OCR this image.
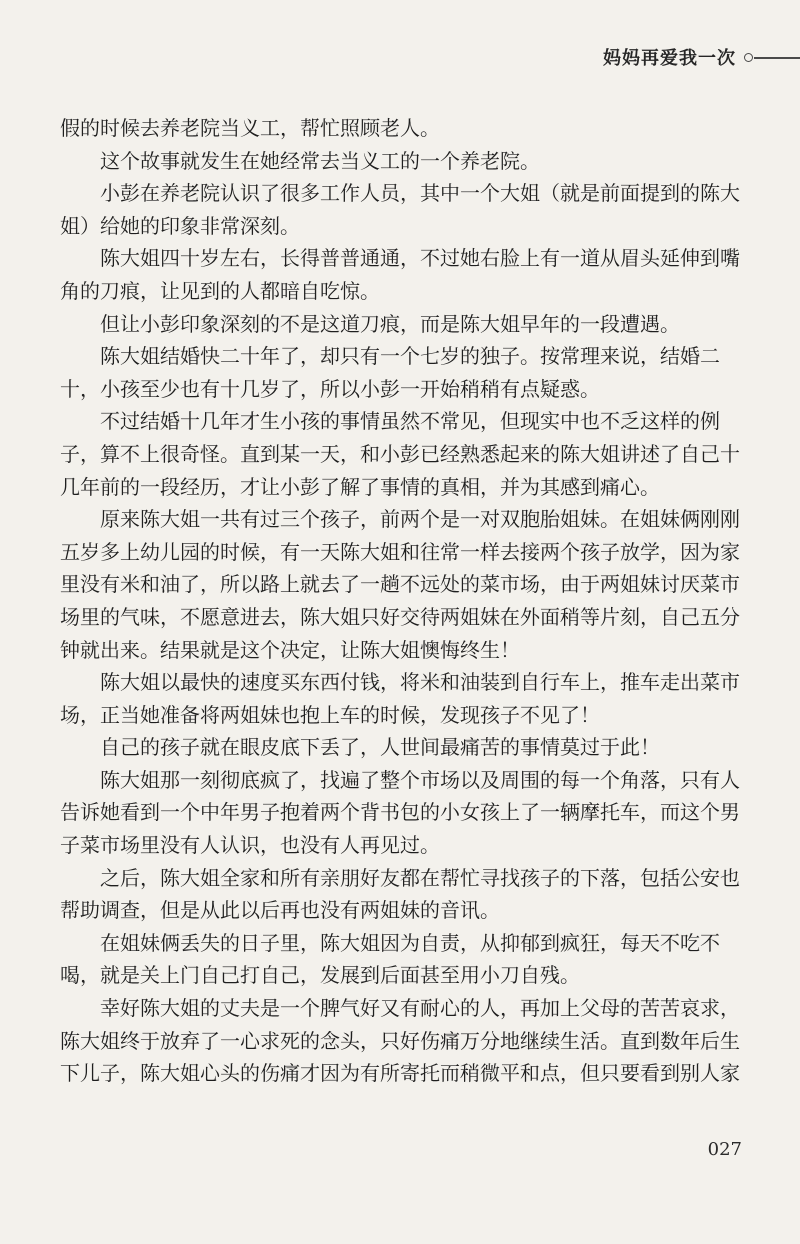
妈妈再爱我一次

假的时候去养老院当义工，帮忙照顾老人。

这个故事就发生在她经常去当义工的一个养老院。

小彭在养老院认识了很多工作人员，其中一个大姐（就是前面提到的陈大姐）给她的印象非常深刻。

陈大姐四十岁左右，长得普普通通，不过她右脸上有一道从眉头延伸到嘴角的刀痕，让见到的人都暗自吃惊。

但让小彭印象深刻的不是这道刀痕，而是陈大姐早年的一段遭遇。

陈大姐结婚快二十年了，却只有一个七岁的独子。按常理来说，结婚二十，小孩至少也有十几岁了，所以小彭一开始稍稍有点疑惑。

不过结婚十几年才生小孩的事情虽然不常见，但现实中也不乏这样的例子，算不上很奇怪。直到某一天，和小彭已经熟悉起来的陈大姐讲述了自己十几年前的一段经历，才让小彭了解了事情的真相，并为其感到痛心。

原来陈大姐一共有过三个孩子，前两个是一对双胞胎姐妹。在姐妹俩刚刚五岁多上幼儿园的时候，有一天陈大姐和往常一样去接两个孩子放学，因为家里没有米和油了，所以路上就去了一趟不远处的菜市场，由于两姐妹讨厌菜市场里的气味，不愿意进去，陈大姐只好交待两姐妹在外面稍等片刻，自己五分钟就出来。结果就是这个决定，让陈大姐懊悔终生！

陈大姐以最快的速度买东西付钱，将米和油装到自行车上，推车走出菜市场，正当她准备将两姐妹也抱上车的时候，发现孩子不见了！

自己的孩子就在眼皮底下丢了，人世间最痛苦的事情莫过于此！

陈大姐那一刻彻底疯了，找遍了整个市场以及周围的每一个角落，只有人告诉她看到一个中年男子抱着两个背书包的小女孩上了一辆摩托车，而这个男子菜市场里没有人认识，也没有人再见过。

之后，陈大姐全家和所有亲朋好友都在帮忙寻找孩子的下落，包括公安也帮助调查，但是从此以后再也没有两姐妹的音讯。

在姐妹俩丢失的日子里，陈大姐因为自责，从抑郁到疯狂，每天不吃不喝，就是关上门自己打自己，发展到后面甚至用小刀自残。

幸好陈大姐的丈夫是一个脾气好又有耐心的人，再加上父母的苦苦哀求，陈大姐终于放弃了一心求死的念头，只好伤痛万分地继续生活。直到数年后生下儿子，陈大姐心头的伤痛才因为有所寄托而稍微平和点，但只要看到别人家

027
